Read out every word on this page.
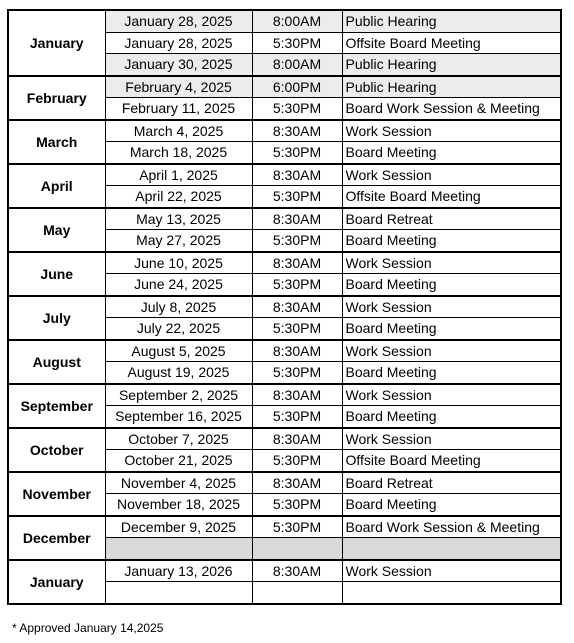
January	January 28, 2025	8:00AM	Public Hearing
	January 28, 2025	5:30PM	Offsite Board Meeting
	January 30, 2025	8:00AM	Public Hearing
February	February 4, 2025	6:00PM	Public Hearing
	February 11, 2025	5:30PM	Board Work Session & Meeting
March	March 4, 2025	8:30AM	Work Session
	March 18, 2025	5:30PM	Board Meeting
April	April 1, 2025	8:30AM	Work Session
	April 22, 2025	5:30PM	Offsite Board Meeting
May	May 13, 2025	8:30AM	Board Retreat
	May 27, 2025	5:30PM	Board Meeting
June	June 10, 2025	8:30AM	Work Session
	June 24, 2025	5:30PM	Board Meeting
July	July 8, 2025	8:30AM	Work Session
	July 22, 2025	5:30PM	Board Meeting
August	August 5, 2025	8:30AM	Work Session
	August 19, 2025	5:30PM	Board Meeting
September	September 2, 2025	8:30AM	Work Session
	September 16, 2025	5:30PM	Board Meeting
October	October 7, 2025	8:30AM	Work Session
	October 21, 2025	5:30PM	Offsite Board Meeting
November	November 4, 2025	8:30AM	Board Retreat
	November 18, 2025	5:30PM	Board Meeting
December	December 9, 2025	5:30PM	Board Work Session & Meeting

January	January 13, 2026	8:30AM	Work Session

* Approved January 14,2025
